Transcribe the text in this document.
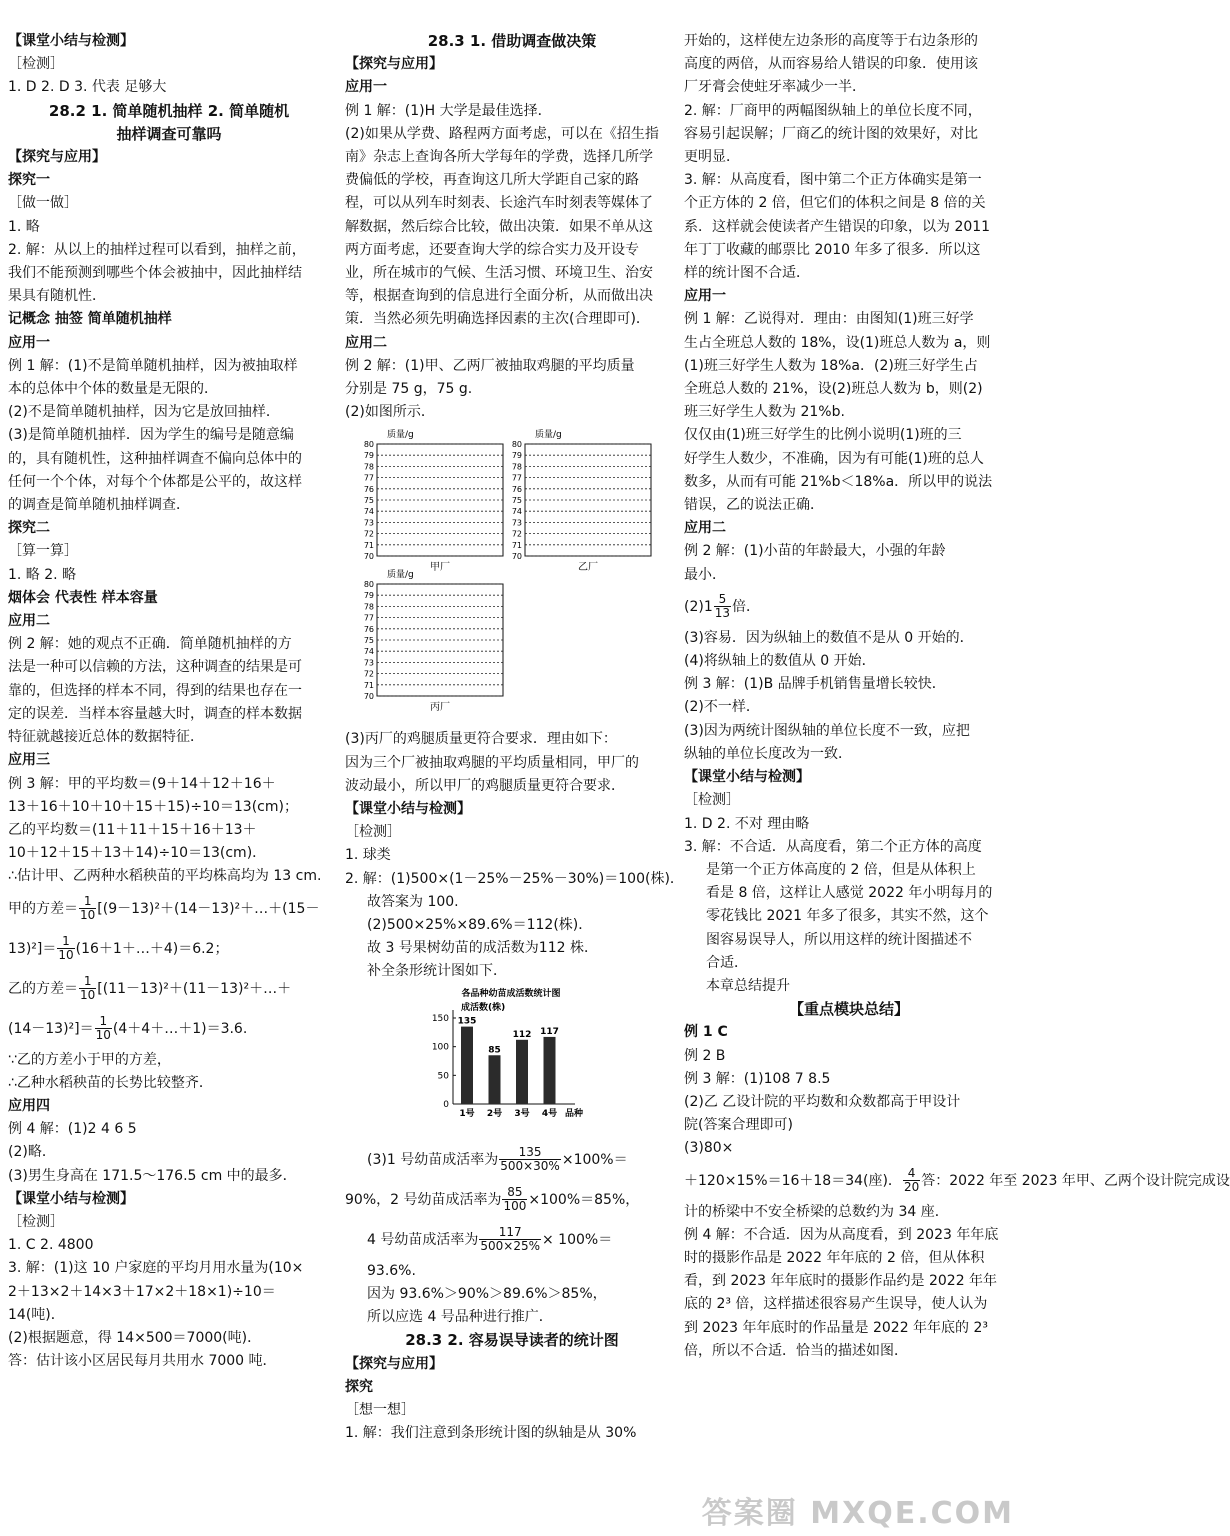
【课堂小结与检测】
［检测］
1. D 2. D 3. 代表 足够大
28.2 1. 简单随机抽样 2. 简单随机
抽样调查可靠吗
【探究与应用】
探究一
［做一做］
1. 略
2. 解：从以上的抽样过程可以看到，抽样之前，
我们不能预测到哪些个体会被抽中，因此抽样结
果具有随机性．
记概念 抽签 简单随机抽样
应用一
例 1 解：(1)不是简单随机抽样，因为被抽取样
本的总体中个体的数量是无限的．
(2)不是简单随机抽样，因为它是放回抽样．
(3)是简单随机抽样．因为学生的编号是随意编
的，具有随机性，这种抽样调查不偏向总体中的
任何一个个体，对每个个体都是公平的，故这样
的调查是简单随机抽样调查．
探究二
［算一算］
1. 略 2. 略
烟体会 代表性 样本容量
应用二
例 2 解：她的观点不正确．简单随机抽样的方
法是一种可以信赖的方法，这种调查的结果是可
靠的，但选择的样本不同，得到的结果也存在一
定的误差．当样本容量越大时，调查的样本数据
特征就越接近总体的数据特征．
应用三
例 3 解：甲的平均数＝(9＋14＋12＋16＋
13＋16＋10＋10＋15＋15)÷10＝13(cm)；
乙的平均数＝(11＋11＋15＋16＋13＋
10＋12＋15＋13＋14)÷10＝13(cm)．
∴估计甲、乙两种水稻秧苗的平均株高均为 13 cm.
甲的方差＝ $\frac{1}{10}$ [(9－13)²＋(14－13)²＋…＋(15－
$13)^2]= \frac{1}{10}$ (16＋1＋…＋4)＝6.2；
乙的方差＝ $\frac{1}{10}$ [(11－13)²＋(11－13)²＋…＋
$(14-13)^2]= \frac{1}{10}$ (4＋4＋…＋1)＝3.6.
∵乙的方差小于甲的方差，
∴乙种水稻秧苗的长势比较整齐．
应用四
例 4 解：(1)2 4 6 5
(2)略．
(3)男生身高在 171.5～176.5 cm 中的最多．
【课堂小结与检测】
［检测］
1. C 2. 4800
3. 解：(1)这 10 户家庭的平均月用水量为(10×
2＋13×2＋14×3＋17×2＋18×1)÷10＝
14(吨)．
(2)根据题意，得 14×500＝7000(吨)．
答：估计该小区居民每月共用水 7000 吨．
28.3 1. 借助调查做决策
【探究与应用】
应用一
例 1 解：(1)H 大学是最佳选择．
(2)如果从学费、路程两方面考虑，可以在《招生指
南》杂志上查询各所大学每年的学费，选择几所学
费偏低的学校，再查询这几所大学距自己家的路
程，可以从列车时刻表、长途汽车时刻表等媒体了
解数据，然后综合比较，做出决策．如果不单从这
两方面考虑，还要查询大学的综合实力及开设专
业，所在城市的气候、生活习惯、环境卫生、治安
等，根据查询到的信息进行全面分析，从而做出决
策．当然必须先明确选择因素的主次(合理即可)．
应用二
例 2 解：(1)甲、乙两厂被抽取鸡腿的平均质量
分别是 75 g，75 g.
(2)如图所示．
质量/g
80
79
78
77
76
75
74
73
72
71
70
甲厂
质量/g
80
79
78
77
76
75
74
73
72
71
70
乙厂
质量/g
80
79
78
77
76
75
74
73
72
71
70
丙厂
(3)丙厂的鸡腿质量更符合要求．理由如下：
因为三个厂被抽取鸡腿的平均质量相同，甲厂的
波动最小，所以甲厂的鸡腿质量更符合要求．
【课堂小结与检测】
［检测］
1. 球类
2. 解：(1)500×(1－25%－25%－30%)＝100(株)．
故答案为 100.
(2)500×25%×89.6%＝112(株)．
故 3 号果树幼苗的成活数为112 株．
补全条形统计图如下．
各品种幼苗成活数统计图
成活数(株)
150
100
50
0
135
1号
85
2号
112
3号
117
4号 品种
(3)1 号幼苗成活率为 $\frac{135}{500\times 30\%} \times 100\%=$
90%，2 号幼苗成活率为 $\frac{85}{100} \times 100\%=85\%$，
4 号幼苗成活率为 $\frac{117}{500\times 25\%} \times 100\%=$
93.6%.
因为 93.6%＞90%＞89.6%＞85%，
所以应选 4 号品种进行推广．
28.3 2. 容易误导读者的统计图
【探究与应用】
探究
［想一想］
1. 解：我们注意到条形统计图的纵轴是从 30%
开始的，这样使左边条形的高度等于右边条形的
高度的两倍，从而容易给人错误的印象．使用该
厂牙膏会使蛀牙率减少一半．
2. 解：厂商甲的两幅图纵轴上的单位长度不同，
容易引起误解；厂商乙的统计图的效果好，对比
更明显．
3. 解：从高度看，图中第二个正方体确实是第一
个正方体的 2 倍，但它们的体积之间是 8 倍的关
系．这样就会使读者产生错误的印象，以为 2011
年丁丁收藏的邮票比 2010 年多了很多．所以这
样的统计图不合适．
应用一
例 1 解：乙说得对．理由：由图知(1)班三好学
生占全班总人数的 18%，设(1)班总人数为 a，则
(1)班三好学生人数为 18%a．(2)班三好学生占
全班总人数的 21%，设(2)班总人数为 b，则(2)
班三好学生人数为 21%b.
仅仅由(1)班三好学生的比例小说明(1)班的三
好学生人数少，不准确，因为有可能(1)班的总人
数多，从而有可能 21%b＜18%a．所以甲的说法
错误，乙的说法正确．
应用二
例 2 解：(1)小苗的年龄最大，小强的年龄
最小．
$(2)1 \frac{5}{13}$ 倍．
(3)容易．因为纵轴上的数值不是从 0 开始的．
(4)将纵轴上的数值从 0 开始．
例 3 解：(1)B 品牌手机销售量增长较快．
(2)不一样．
(3)因为两统计图纵轴的单位长度不一致，应把
纵轴的单位长度改为一致．
【课堂小结与检测】
［检测］
1. D 2. 不对 理由略
3. 解：不合适．从高度看，第二个正方体的高度
是第一个正方体高度的 2 倍，但是从体积上
看是 8 倍，这样让人感觉 2022 年小明每月的
零花钱比 2021 年多了很多，其实不然，这个
图容易误导人，所以用这样的统计图描述不
合适．
本章总结提升
【重点模块总结】
例 1 C
例 2 B
例 3 解：(1)108 7 8.5
(2)乙 乙设计院的平均数和众数都高于甲设计
院(答案合理即可)
(3)80×
＋120×15%＝16＋18＝34(座)． $\frac{4}{20}$ 答：2022 年至 2023 年甲、乙两个设计院完成设
计的桥梁中不安全桥梁的总数约为 34 座．
例 4 解：不合适．因为从高度看，到 2023 年年底
时的摄影作品是 2022 年年底的 2 倍，但从体积
看，到 2023 年年底时的摄影作品约是 2022 年年
底的 2³ 倍，这样描述很容易产生误导，使人认为
到 2023 年年底时的作品量是 2022 年年底的 2³
倍，所以不合适．恰当的描述如图．
答案圈 MXQE.COM
